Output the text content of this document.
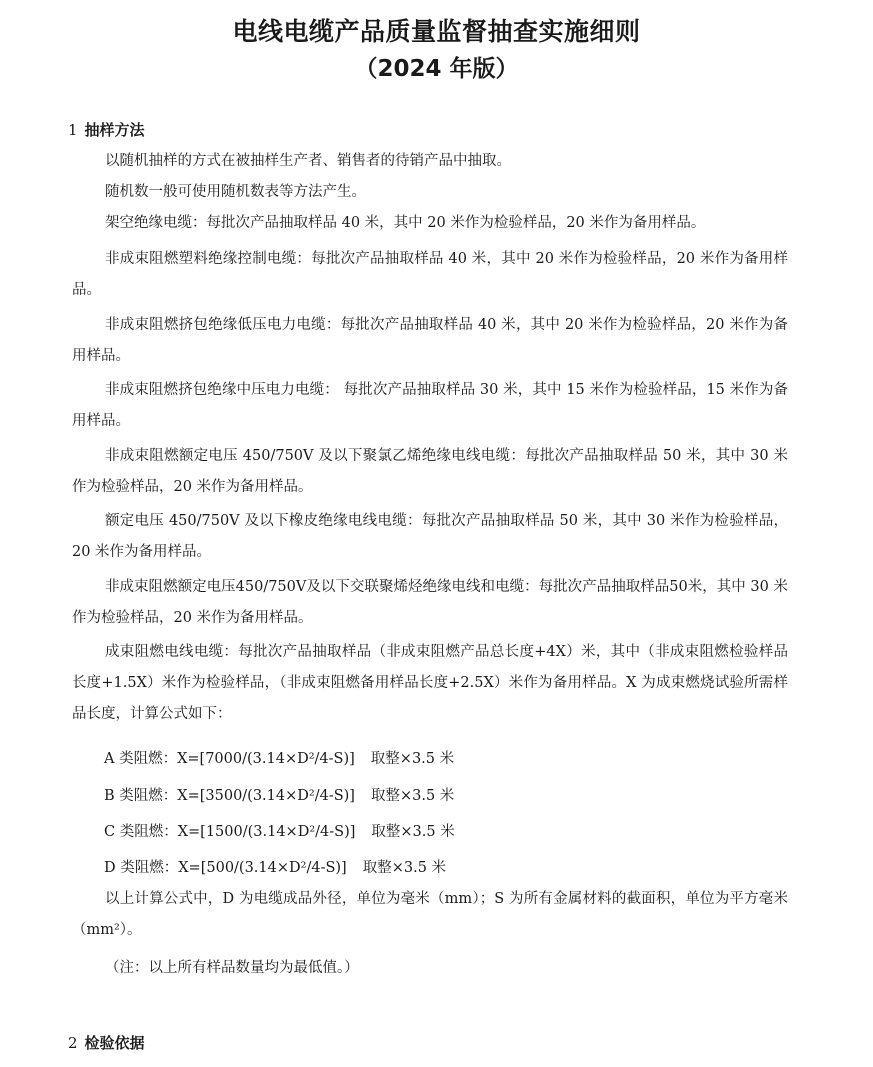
电线电缆产品质量监督抽查实施细则
（2024 年版）
1 抽样方法
以随机抽样的方式在被抽样生产者、销售者的待销产品中抽取。
随机数一般可使用随机数表等方法产生。
架空绝缘电缆：每批次产品抽取样品 40 米，其中 20 米作为检验样品，20 米作为备用样品。
非成束阻燃塑料绝缘控制电缆：每批次产品抽取样品 40 米，其中 20 米作为检验样品，20 米作为备用样品。
非成束阻燃挤包绝缘低压电力电缆：每批次产品抽取样品 40 米，其中 20 米作为检验样品，20 米作为备用样品。
非成束阻燃挤包绝缘中压电力电缆： 每批次产品抽取样品 30 米，其中 15 米作为检验样品，15 米作为备用样品。
非成束阻燃额定电压 450/750V 及以下聚氯乙烯绝缘电线电缆：每批次产品抽取样品 50 米，其中 30 米作为检验样品，20 米作为备用样品。
额定电压 450/750V 及以下橡皮绝缘电线电缆：每批次产品抽取样品 50 米，其中 30 米作为检验样品，20 米作为备用样品。
非成束阻燃额定电压450/750V及以下交联聚烯烃绝缘电线和电缆：每批次产品抽取样品50米，其中 30 米作为检验样品，20 米作为备用样品。
成束阻燃电线电缆：每批次产品抽取样品（非成束阻燃产品总长度+4X）米，其中（非成束阻燃检验样品长度+1.5X）米作为检验样品，（非成束阻燃备用样品长度+2.5X）米作为备用样品。X 为成束燃烧试验所需样品长度，计算公式如下：
A 类阻燃：X=[7000/(3.14×D²/4-S)] 取整×3.5 米
B 类阻燃：X=[3500/(3.14×D²/4-S)] 取整×3.5 米
C 类阻燃：X=[1500/(3.14×D²/4-S)] 取整×3.5 米
D 类阻燃：X=[500/(3.14×D²/4-S)] 取整×3.5 米
以上计算公式中，D 为电缆成品外径，单位为毫米（mm）；S 为所有金属材料的截面积，单位为平方毫米（mm²）。
（注：以上所有样品数量均为最低值。）
2 检验依据
